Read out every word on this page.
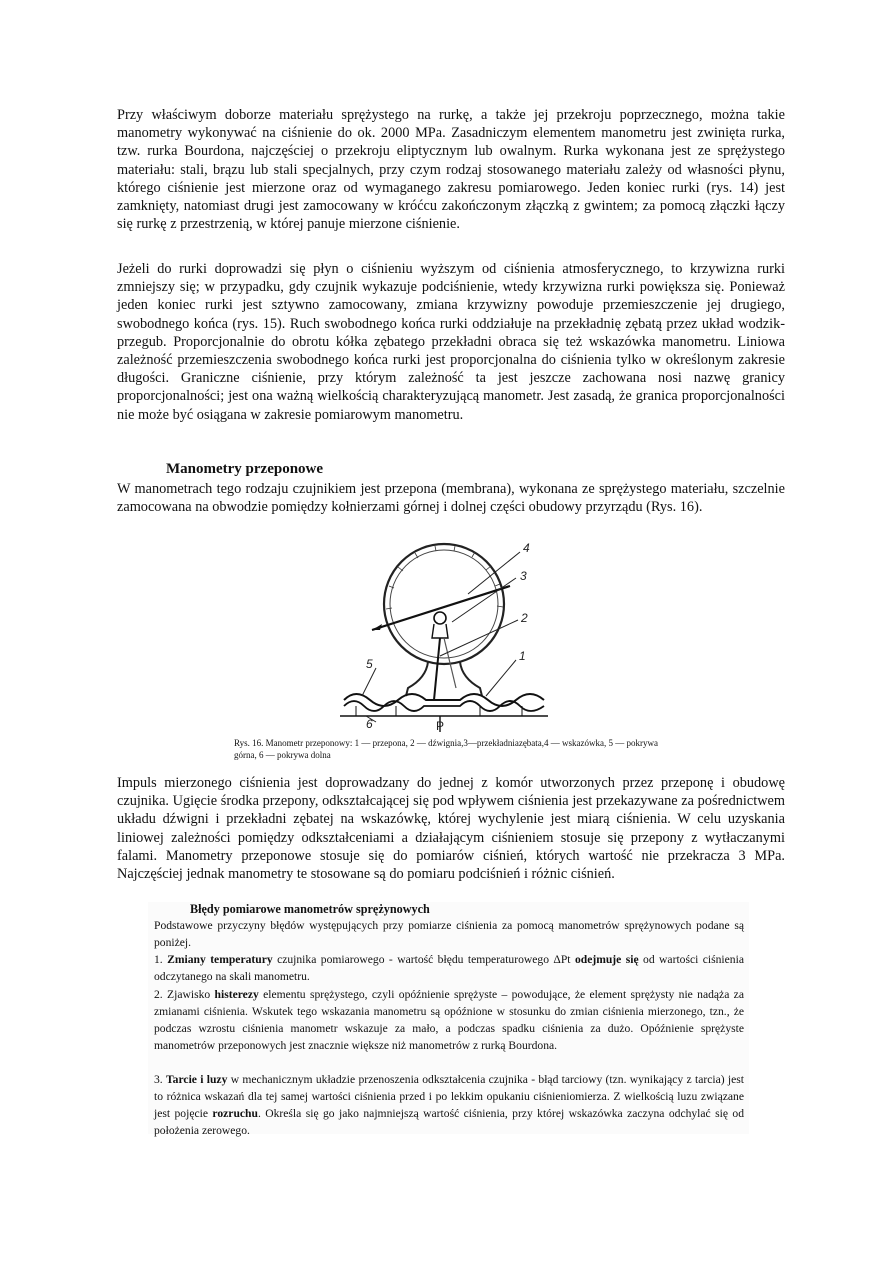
Przy właściwym doborze materiału sprężystego na rurkę, a także jej przekroju poprzecznego, można takie manometry wykonywać na ciśnienie do ok. 2000 MPa. Zasadniczym elementem manometru jest zwinięta rurka, tzw. rurka Bourdona, najczęściej o przekroju eliptycznym lub owalnym. Rurka wykonana jest ze sprężystego materiału: stali, brązu lub stali specjalnych, przy czym rodzaj stosowanego materiału zależy od własności płynu, którego ciśnienie jest mierzone oraz od wymaganego zakresu pomiarowego. Jeden koniec rurki (rys. 14) jest zamknięty, natomiast drugi jest zamocowany w króćcu zakończonym złączką z gwintem; za pomocą złączki łączy się rurkę z przestrzenią, w której panuje mierzone ciśnienie.

Jeżeli do rurki doprowadzi się płyn o ciśnieniu wyższym od ciśnienia atmosferycznego, to krzywizna rurki zmniejszy się; w przypadku, gdy czujnik wykazuje podciśnienie, wtedy krzywizna rurki powiększa się. Ponieważ jeden koniec rurki jest sztywno zamocowany, zmiana krzywizny powoduje przemieszczenie jej drugiego, swobodnego końca (rys. 15). Ruch swobodnego końca rurki oddziałuje na przekładnię zębatą przez układ wodzik-przegub. Proporcjonalnie do obrotu kółka zębatego przekładni obraca się też wskazówka manometru. Liniowa zależność przemieszczenia swobodnego końca rurki jest proporcjonalna do ciśnienia tylko w określonym zakresie długości. Graniczne ciśnienie, przy którym zależność ta jest jeszcze zachowana nosi nazwę granicy proporcjonalności; jest ona ważną wielkością charakteryzującą manometr. Jest zasadą, że granica proporcjonalności nie może być osiągana w zakresie pomiarowym manometru.

Manometry przeponowe

W manometrach tego rodzaju czujnikiem jest przepona (membrana), wykonana ze sprężystego materiału, szczelnie zamocowana na obwodzie pomiędzy kołnierzami górnej i dolnej części obudowy przyrządu (Rys. 16).

4
3
2
1
5
6	P

Rys. 16. Manometr przeponowy: 1 — przepona, 2 — dźwignia,3—przekładniazębata,4 — wskazówka, 5 — pokrywa górna, 6 — pokrywa dolna

Impuls mierzonego ciśnienia jest doprowadzany do jednej z komór utworzonych przez przeponę i obudowę czujnika. Ugięcie środka przepony, odkształcającej się pod wpływem ciśnienia jest przekazywane za pośrednictwem układu dźwigni i przekładni zębatej na wskazówkę, której wychylenie jest miarą ciśnienia. W celu uzyskania liniowej zależności pomiędzy odkształceniami a działającym ciśnieniem stosuje się przepony z wytłaczanymi falami. Manometry przeponowe stosuje się do pomiarów ciśnień, których wartość nie przekracza 3 MPa. Najczęściej jednak manometry te stosowane są do pomiaru podciśnień i różnic ciśnień.

Błędy pomiarowe manometrów sprężynowych

Podstawowe przyczyny błędów występujących przy pomiarze ciśnienia za pomocą manometrów sprężynowych podane są poniżej.

1. Zmiany temperatury czujnika pomiarowego - wartość błędu temperaturowego ΔPt odejmuje się od wartości ciśnienia odczytanego na skali manometru.

2. Zjawisko histerezy elementu sprężystego, czyli opóźnienie sprężyste – powodujące, że element sprężysty nie nadąża za zmianami ciśnienia. Wskutek tego wskazania manometru są opóźnione w stosunku do zmian ciśnienia mierzonego, tzn., że podczas wzrostu ciśnienia manometr wskazuje za mało, a podczas spadku ciśnienia za dużo. Opóźnienie sprężyste manometrów przeponowych jest znacznie większe niż manometrów z rurką Bourdona.

3. Tarcie i luzy w mechanicznym układzie przenoszenia odkształcenia czujnika - błąd tarciowy (tzn. wynikający z tarcia) jest to różnica wskazań dla tej samej wartości ciśnienia przed i po lekkim opukaniu ciśnieniomierza. Z wielkością luzu związane jest pojęcie rozruchu. Określa się go jako najmniejszą wartość ciśnienia, przy której wskazówka zaczyna odchylać się od położenia zerowego.
